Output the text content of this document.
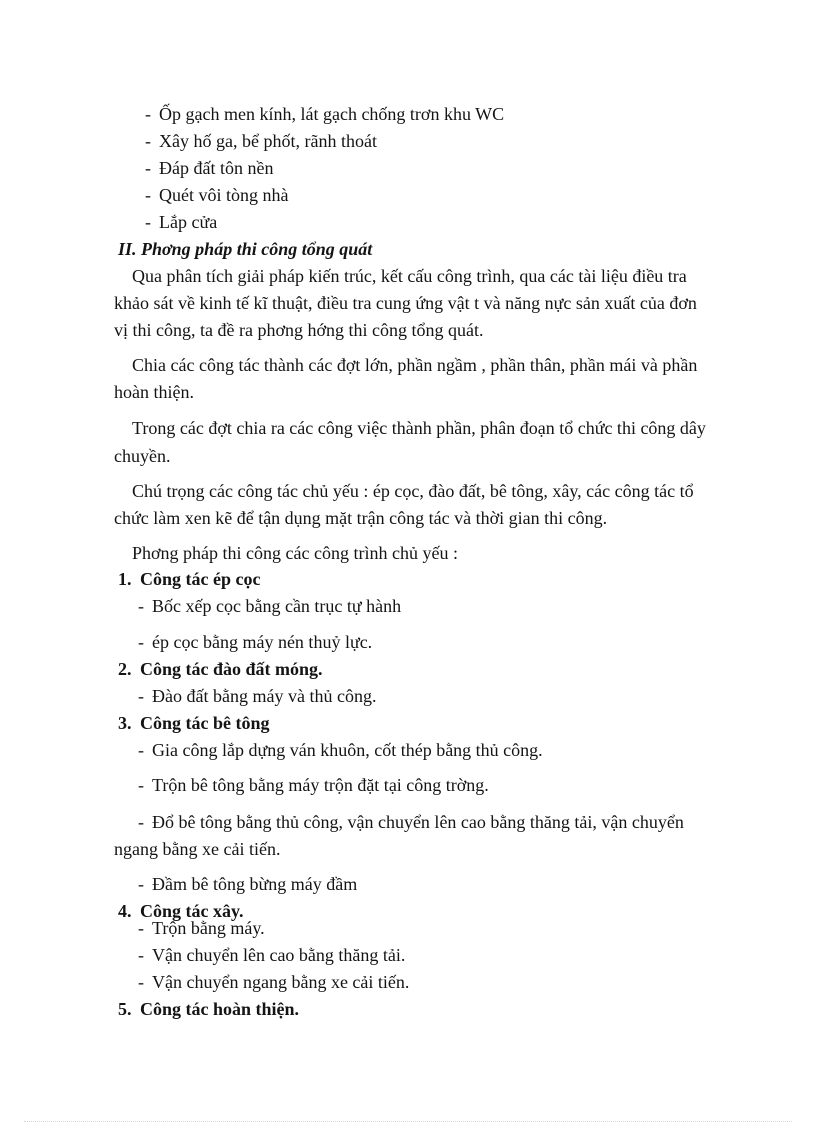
- Ốp gạch men kính, lát gạch chống trơn khu WC
- Xây hố ga, bể phốt, rãnh thoát
- Đáp đất tôn nền
- Quét vôi tòng nhà
- Lắp cửa
II. Phơng pháp thi công tổng quát
Qua phân tích giải pháp kiến trúc, kết cấu công trình, qua các tài liệu điều tra
khảo sát về kinh tế kĩ thuật, điều tra cung ứng vật t và năng nực sản xuất của đơn
vị thi công, ta đề ra phơng hớng thi công tổng quát.
Chia các công tác thành các đợt lớn, phần ngầm , phần thân, phần mái và phần
hoàn thiện.
Trong các đợt chia ra các công việc thành phần, phân đoạn tổ chức thi công dây
chuyền.
Chú trọng các công tác chủ yếu : ép cọc, đào đất, bê tông, xây, các công tác tổ
chức làm xen kẽ để tận dụng mặt trận công tác và thời gian thi công.
Phơng pháp thi công các công trình chủ yếu :
1. Công tác ép cọc
- Bốc xếp cọc bằng cần trục tự hành
- ép cọc bằng máy nén thuỷ lực.
2. Công tác đào đất móng.
- Đào đất bằng máy và thủ công.
3. Công tác bê tông
- Gia công lắp dựng ván khuôn, cốt thép bằng thủ công.
- Trộn bê tông bằng máy trộn đặt tại công trờng.
- Đổ bê tông bằng thủ công, vận chuyển lên cao bằng thăng tải, vận chuyển
ngang bằng xe cải tiến.
- Đầm bê tông bừng máy đầm
4. Công tác xây.
- Trộn bằng máy.
- Vận chuyển lên cao bằng thăng tải.
- Vận chuyển ngang bằng xe cải tiến.
5. Công tác hoàn thiện.
